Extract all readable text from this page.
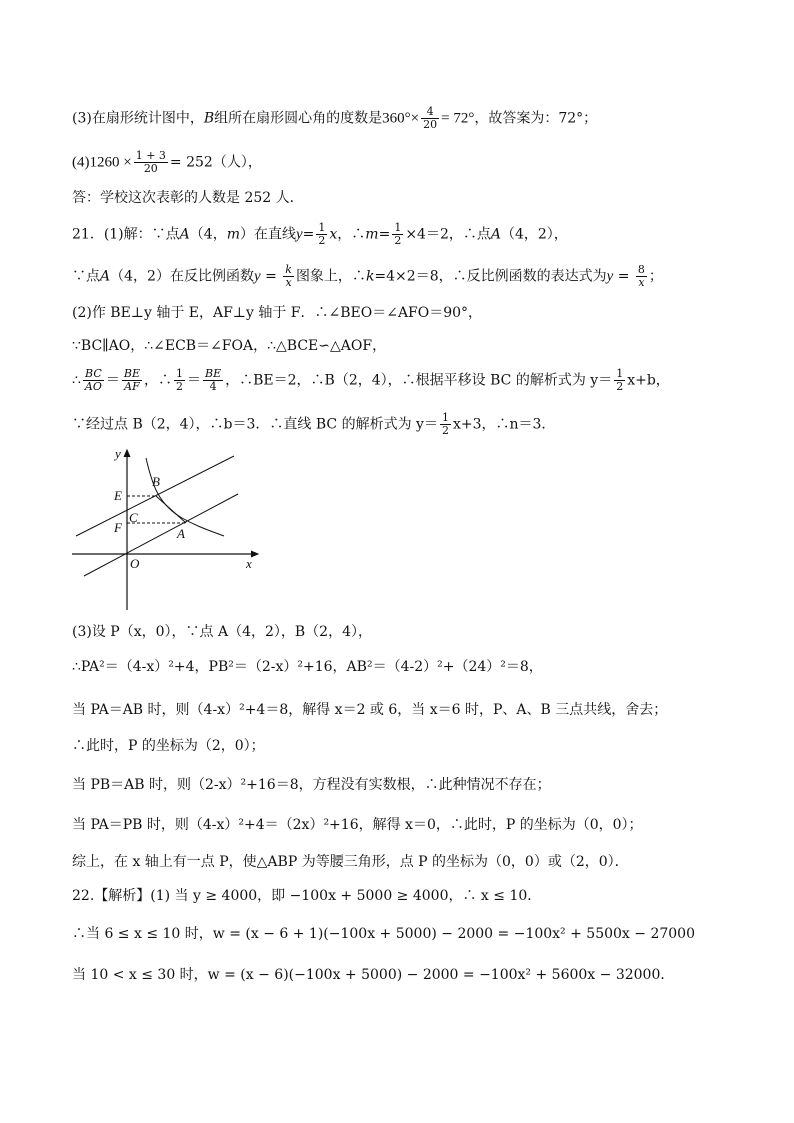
(3)在扇形统计图中，B组所在扇形圆心角的度数是$360^\circ\times \frac{4}{20} = 72^\circ$，故答案为：72°；
$(4)1260 \times \frac{1 + 3}{20} = 252$（人），
答：学校这次表彰的人数是 252 人．
21．(1)解：∵点A（4，m）在直线$y= \frac{1}{2}$ x，∴m= $\frac{1}{2} \times 4=2$，∴点A（4，2），
∵点A（4，2）在反比例函数$y = \frac{k}{x}$ 图象上，∴k=4×2＝8，∴反比例函数的表达式为$y = \frac{8}{x}$ ；
(2)作 BE⊥y 轴于 E，AF⊥y 轴于 F．∴∠BEO＝∠AFO＝90°，
∵BC∥AO，∴∠ECB＝∠FOA，∴△BCE∽△AOF，
∴ $\frac{BC}{AO} = \frac{BE}{AF}$ ，∴ $\frac{1}{2} = \frac{BE}{4}$ ，∴BE＝2，∴B（2，4），∴根据平移设 BC 的解析式为 $y= \frac{1}{2} x+b$，
∵经过点 B（2，4），∴b＝3．∴直线 BC 的解析式为 $y= \frac{1}{2} x+3$，∴n＝3．
y
x
O
E
B
C
F	A
(3)设 P（x，0），∵点 A（4，2），B（2，4），
∴PA²＝（4-x）²+4，PB²＝（2-x）²+16，AB²＝（4-2）²+（24）²＝8，
当 PA＝AB 时，则（4-x）²+4＝8，解得 x＝2 或 6，当 x＝6 时，P、A、B 三点共线，舍去；
∴此时，P 的坐标为（2，0）；
当 PB＝AB 时，则（2-x）²+16＝8，方程没有实数根，∴此种情况不存在；
当 PA＝PB 时，则（4-x）²+4＝（2x）²+16，解得 x＝0，∴此时，P 的坐标为（0，0）；
综上，在 x 轴上有一点 P，使△ABP 为等腰三角形，点 P 的坐标为（0，0）或（2，0）．
22.【解析】(1) 当 y ≥ 4000，即 −100x + 5000 ≥ 4000，∴ x ≤ 10．
∴当 6 ≤ x ≤ 10 时，w = (x − 6 + 1)(−100x + 5000) − 2000 = −100x² + 5500x − 27000
当 10 < x ≤ 30 时，w = (x − 6)(−100x + 5000) − 2000 = −100x² + 5600x − 32000．
